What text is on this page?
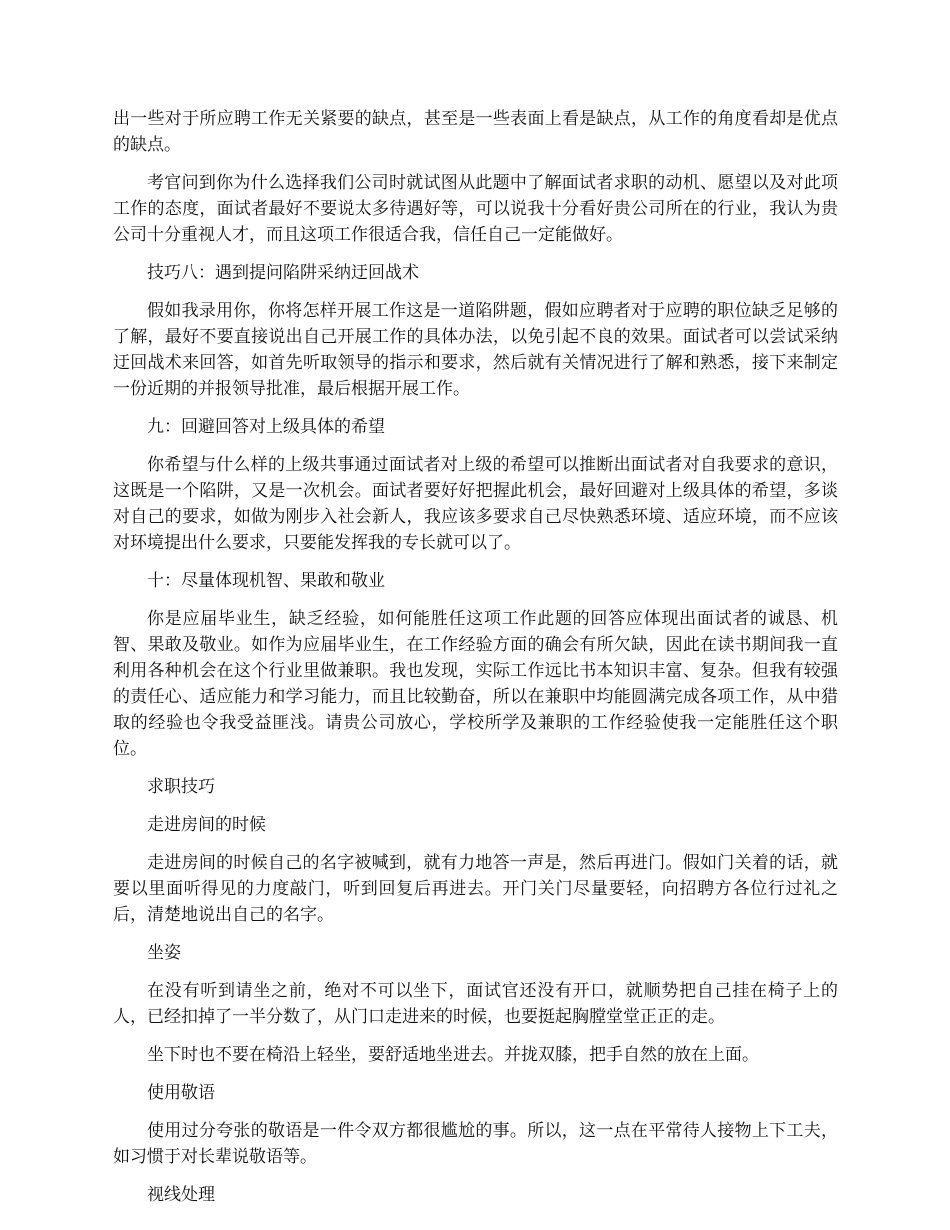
出一些对于所应聘工作无关紧要的缺点，甚至是一些表面上看是缺点，从工作的角度看却是优点的缺点。

考官问到你为什么选择我们公司时就试图从此题中了解面试者求职的动机、愿望以及对此项工作的态度，面试者最好不要说太多待遇好等，可以说我十分看好贵公司所在的行业，我认为贵公司十分重视人才，而且这项工作很适合我，信任自己一定能做好。

技巧八：遇到提问陷阱采纳迂回战术

假如我录用你，你将怎样开展工作这是一道陷阱题，假如应聘者对于应聘的职位缺乏足够的了解，最好不要直接说出自己开展工作的具体办法，以免引起不良的效果。面试者可以尝试采纳迂回战术来回答，如首先听取领导的指示和要求，然后就有关情况进行了解和熟悉，接下来制定一份近期的并报领导批准，最后根据开展工作。

九：回避回答对上级具体的希望

你希望与什么样的上级共事通过面试者对上级的希望可以推断出面试者对自我要求的意识，这既是一个陷阱，又是一次机会。面试者要好好把握此机会，最好回避对上级具体的希望，多谈对自己的要求，如做为刚步入社会新人，我应该多要求自己尽快熟悉环境、适应环境，而不应该对环境提出什么要求，只要能发挥我的专长就可以了。

十：尽量体现机智、果敢和敬业

你是应届毕业生，缺乏经验，如何能胜任这项工作此题的回答应体现出面试者的诚恳、机智、果敢及敬业。如作为应届毕业生，在工作经验方面的确会有所欠缺，因此在读书期间我一直利用各种机会在这个行业里做兼职。我也发现，实际工作远比书本知识丰富、复杂。但我有较强的责任心、适应能力和学习能力，而且比较勤奋，所以在兼职中均能圆满完成各项工作，从中猎取的经验也令我受益匪浅。请贵公司放心，学校所学及兼职的工作经验使我一定能胜任这个职位。

求职技巧

走进房间的时候

走进房间的时候自己的名字被喊到，就有力地答一声是，然后再进门。假如门关着的话，就要以里面听得见的力度敲门，听到回复后再进去。开门关门尽量要轻，向招聘方各位行过礼之后，清楚地说出自己的名字。

坐姿

在没有听到请坐之前，绝对不可以坐下，面试官还没有开口，就顺势把自己挂在椅子上的人，已经扣掉了一半分数了，从门口走进来的时候，也要挺起胸膛堂堂正正的走。

坐下时也不要在椅沿上轻坐，要舒适地坐进去。并拢双膝，把手自然的放在上面。

使用敬语

使用过分夸张的敬语是一件令双方都很尴尬的事。所以，这一点在平常待人接物上下工夫，如习惯于对长辈说敬语等。

视线处理
